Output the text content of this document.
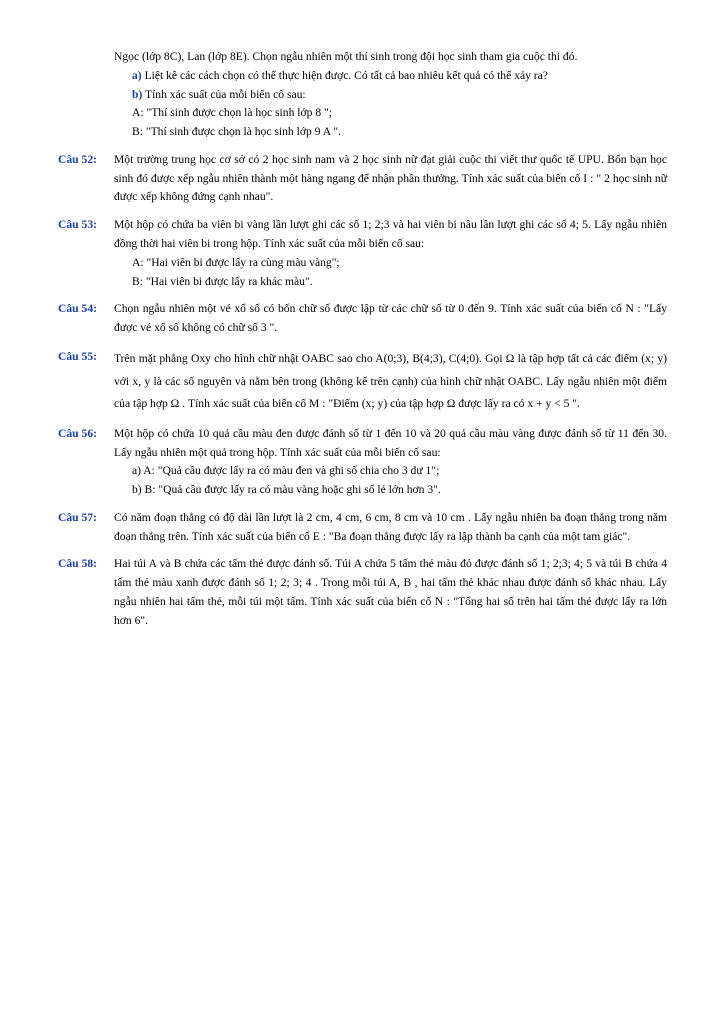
Ngọc (lớp 8C), Lan (lớp 8E). Chọn ngẫu nhiên một thí sinh trong đội học sinh tham gia cuộc thi đó.

a) Liệt kê các cách chọn có thể thực hiện được. Có tất cả bao nhiêu kết quả có thể xảy ra?
b) Tính xác suất của mỗi biến cố sau:
A: "Thí sinh được chọn là học sinh lớp 8 ";
B: "Thí sinh được chọn là học sinh lớp 9 A ".
Câu 52:	Một trường trung học cơ sở có 2 học sinh nam và 2 học sinh nữ đạt giải cuộc thi viết thư quốc tế UPU. Bốn bạn học sinh đó được xếp ngẫu nhiên thành một hàng ngang để nhận phần thưởng. Tính xác suất của biến cố I : " 2 học sinh nữ được xếp không đứng cạnh nhau".

Câu 53:	Một hộp có chứa ba viên bi vàng lần lượt ghi các số 1; 2;3 và hai viên bi nâu lần lượt ghi các số 4; 5. Lấy ngẫu nhiên đồng thời hai viên bi trong hộp. Tính xác suất của mỗi biến cố sau:

A: "Hai viên bi được lấy ra cùng màu vàng";
B: "Hai viên bi được lấy ra khác màu".
Câu 54:	Chọn ngẫu nhiên một vé xổ số có bốn chữ số được lập từ các chữ số từ 0 đến 9. Tính xác suất của biến cố N : "Lấy được vé xổ số không có chữ số 3 ".

Câu 55:	Trên mặt phẳng Oxy cho hình chữ nhật OABC sao cho A(0;3), B(4;3), C(4;0). Gọi Ω là tập hợp tất cả các điểm (x; y) với x, y là các số nguyên và nằm bên trong (không kể trên cạnh) của hình chữ nhật OABC. Lấy ngẫu nhiên một điểm của tập hợp Ω . Tính xác suất của biến cố M : "Điểm (x; y) của tập hợp Ω được lấy ra có x + y < 5 ".

Câu 56:	Một hộp có chứa 10 quả cầu màu đen được đánh số từ 1 đến 10 và 20 quả cầu màu vàng được đánh số từ 11 đến 30. Lấy ngẫu nhiên một quả trong hộp. Tính xác suất của mỗi biến cố sau:

a) A: "Quả cầu được lấy ra có màu đen và ghi số chia cho 3 dư 1";
b) B: "Quả cầu được lấy ra có màu vàng hoặc ghi số lẻ lớn hơn 3".
Câu 57:	Có năm đoạn thẳng có độ dài lần lượt là 2 cm, 4 cm, 6 cm, 8 cm và 10 cm . Lấy ngẫu nhiên ba đoạn thẳng trong năm đoạn thẳng trên. Tính xác suất của biến cố E : "Ba đoạn thẳng được lấy ra lập thành ba cạnh của một tam giác".

Câu 58:	Hai túi A và B chứa các tấm thẻ được đánh số. Túi A chứa 5 tấm thẻ màu đỏ được đánh số 1; 2;3; 4; 5 và túi B chứa 4 tấm thẻ màu xanh được đánh số 1; 2; 3; 4 . Trong mỗi túi A, B , hai tấm thẻ khác nhau được đánh số khác nhau. Lấy ngẫu nhiên hai tấm thẻ, mỗi túi một tấm. Tính xác suất của biến cố N : "Tổng hai số trên hai tấm thẻ được lấy ra lớn hơn 6".
